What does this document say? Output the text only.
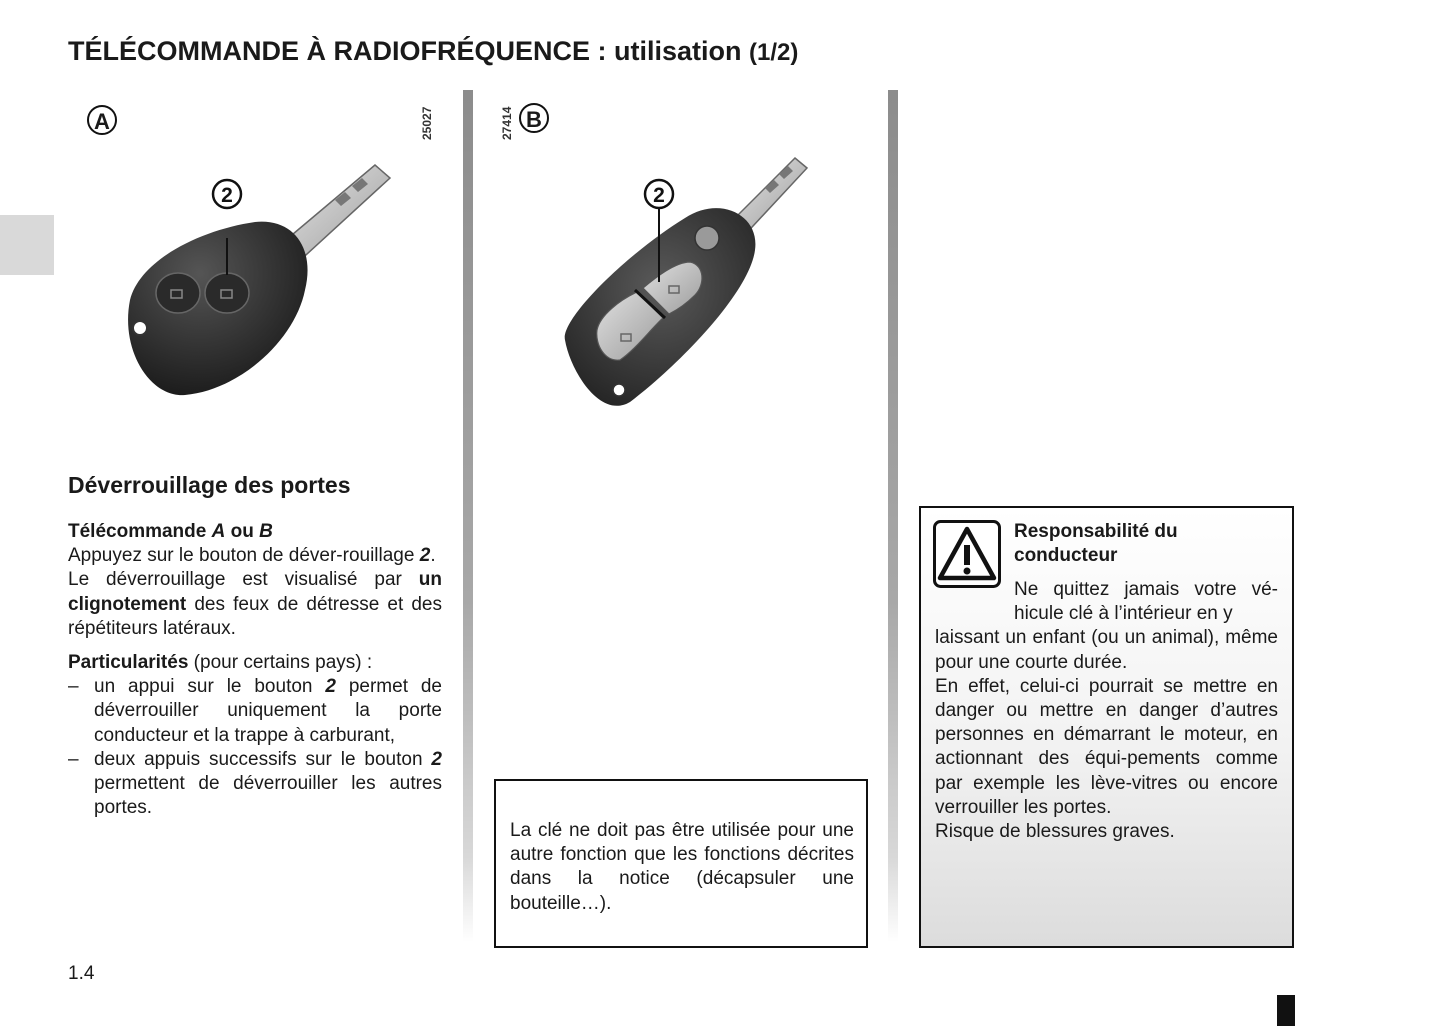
TÉLÉCOMMANDE À RADIOFRÉQUENCE : utilisation (1/2)
A	25027
2
27414 B
2
Déverrouillage des portes

Télécommande A ou B

Appuyez sur le bouton de déver-rouillage 2.

Le déverrouillage est visualisé par un clignotement des feux de détresse et des répétiteurs latéraux.

Particularités (pour certains pays) :

– un appui sur le bouton 2 permet de déverrouiller uniquement la porte conducteur et la trappe à carburant,
– deux appuis successifs sur le bouton 2 permettent de déverrouiller les autres portes.
La clé ne doit pas être utilisée pour une autre fonction que les fonctions décrites dans la notice (décapsuler une bouteille…).
Responsabilité du
conducteur
Ne quittez jamais votre vé-hicule clé à l’intérieur en y
laissant un enfant (ou un animal), même pour une courte durée.
En effet, celui-ci pourrait se mettre en danger ou mettre en danger d’autres personnes en démarrant le moteur, en actionnant des équi-pements comme par exemple les lève-vitres ou encore verrouiller les portes.
Risque de blessures graves.
1.4
